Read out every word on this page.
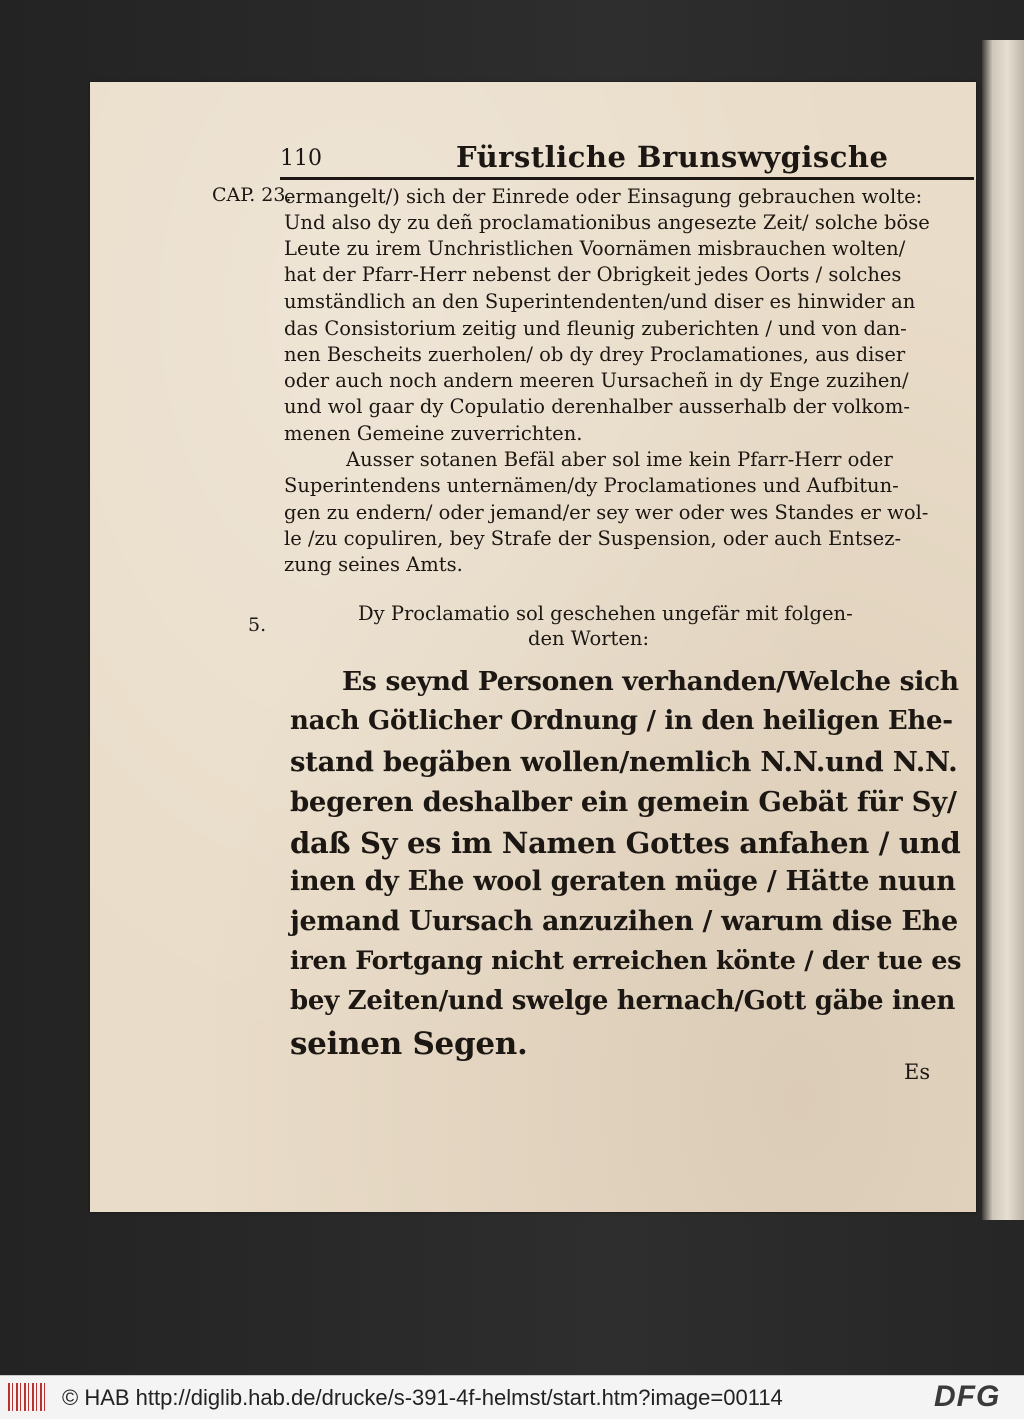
110	Fürstliche Brunswygische
CAP. 23.
ermangelt/) sich der Einrede oder Einsagung gebrauchen wolte:
Und also dy zu deñ proclamationibus angesezte Zeit/ solche böse
Leute zu irem Unchristlichen Voornämen misbrauchen wolten/
hat der Pfarr-Herr nebenst der Obrigkeit jedes Oorts / solches
umständlich an den Superintendenten/und diser es hinwider an
das Consistorium zeitig und fleunig zuberichten / und von dan-
nen Bescheits zuerholen/ ob dy drey Proclamationes, aus diser
oder auch noch andern meeren Uursacheñ in dy Enge zuzihen/
und wol gaar dy Copulatio derenhalber ausserhalb der volkom-
menen Gemeine zuverrichten.
Ausser sotanen Befäl aber sol ime kein Pfarr-Herr oder
Superintendens unternämen/dy Proclamationes und Aufbitun-
gen zu endern/ oder jemand/er sey wer oder wes Standes er wol-
le /zu copuliren, bey Strafe der Suspension, oder auch Entsez-
zung seines Amts.
5.	Dy Proclamatio sol geschehen ungefär mit folgen-
den Worten:
Es seynd Personen verhanden/Welche sich
nach Götlicher Ordnung / in den heiligen Ehe-
stand begäben wollen/nemlich N.N.und N.N.
begeren deshalber ein gemein Gebät für Sy/
daß Sy es im Namen Gottes anfahen / und
inen dy Ehe wool geraten müge / Hätte nuun
jemand Uursach anzuzihen / warum dise Ehe
iren Fortgang nicht erreichen könte / der tue es
bey Zeiten/und swelge hernach/Gott gäbe inen
seinen Segen.
Es
© HAB http://diglib.hab.de/drucke/s-391-4f-helmst/start.htm?image=00114	DFG
